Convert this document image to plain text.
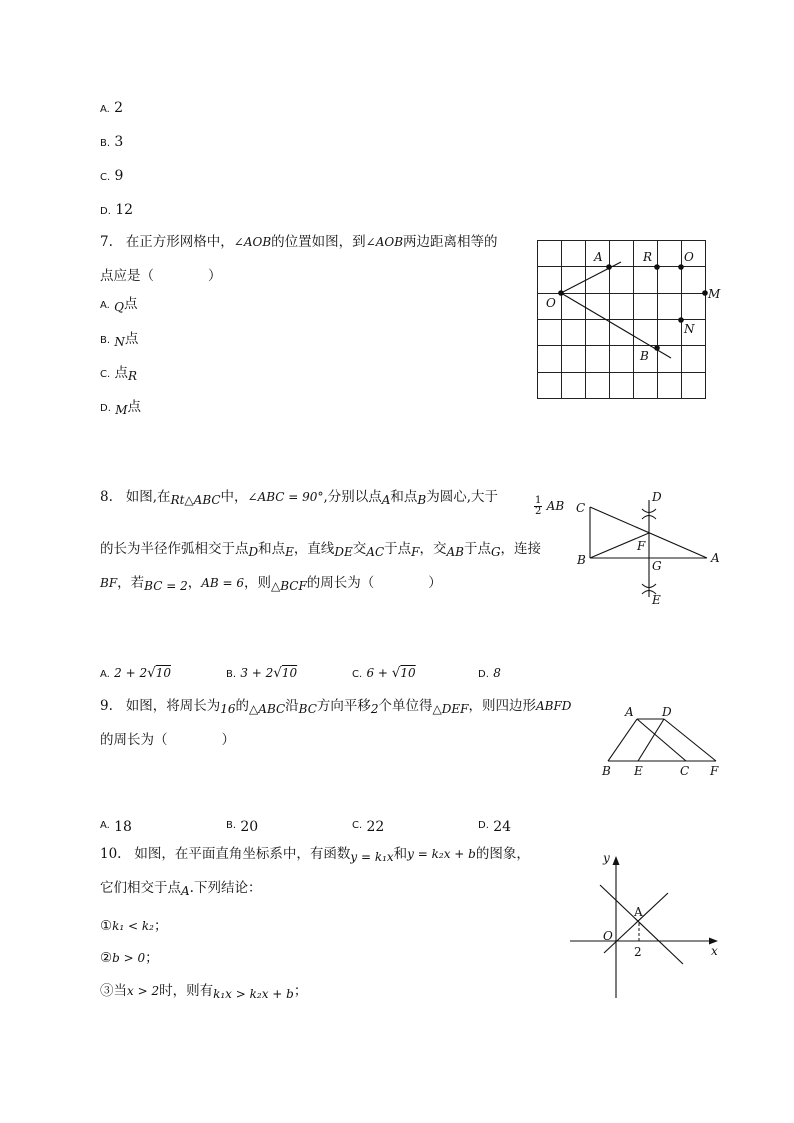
A. 2
B. 3
C. 9
D. 12
7. 在正方形网格中，∠AOB的位置如图，到∠AOB两边距离相等的
点应是（　　　　）
A. Q点
B. N点
C. 点R
D. M点
A	R	O
O
M
N
B
8. 如图,在Rt△ABC中，∠ABC = 90°,分别以点A和点B为圆心,大于	$\frac{1}{2}$ AB
的长为半径作弧相交于点D和点E，直线DE交AC于点F，交AB于点G，连接
BF，若BC = 2，AB = 6，则△BCF的周长为（　　　　）
A. 2 + 2√10	B. 3 + 2√10	C. 6 + √10	D. 8
C
D
F
B	G
A
E
9. 如图，将周长为16的△ABC沿BC方向平移2个单位得△DEF，则四边形ABFD
的周长为（　　　　）
A. 18	B. 20	C. 22	D. 24
A D
B E	C F
10. 如图，在平面直角坐标系中，有函数y = k₁x和y = k₂x + b的图象，
它们相交于点A.下列结论：
①k₁ < k₂；
②b > 0；
③当x > 2时，则有k₁x > k₂x + b；
y
x
A
O
2
